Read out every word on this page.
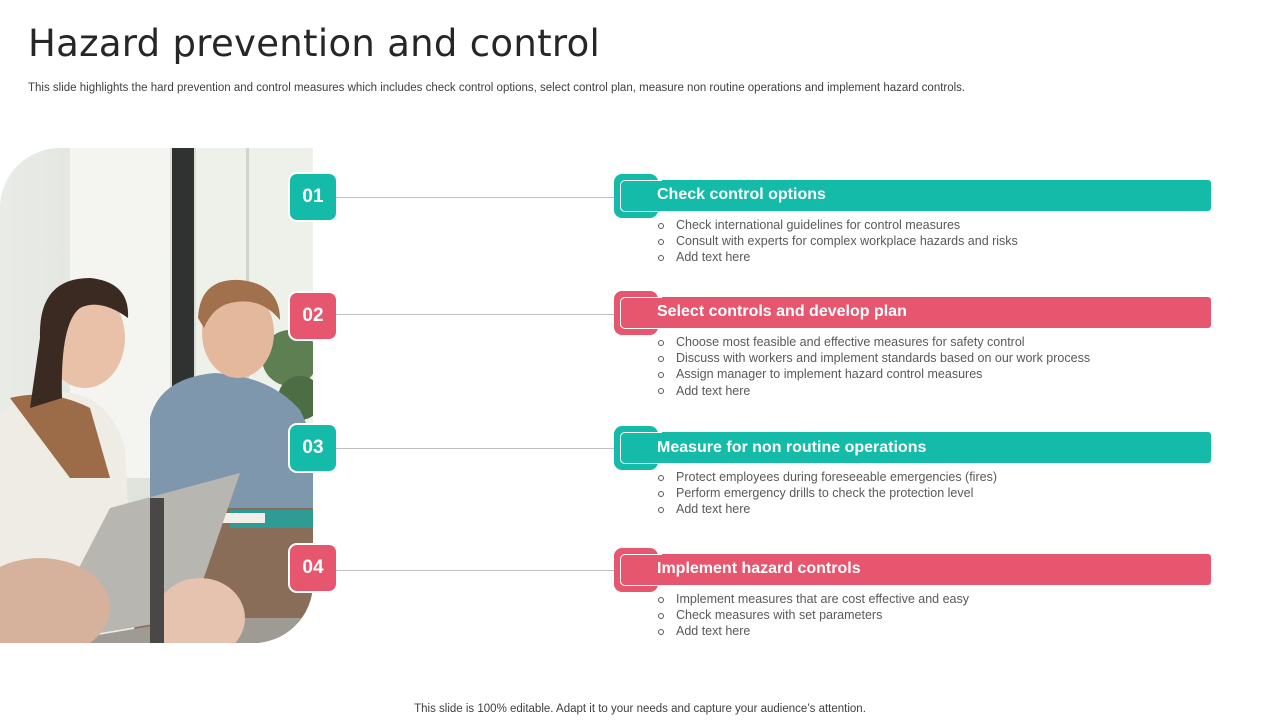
Hazard prevention and control

This slide highlights the hard prevention and control measures which includes check control options, select control plan, measure non routine operations and implement hazard controls.

01	Check control options
Check international guidelines for control measures
Consult with experts for complex workplace hazards and risks
Add text here
02	Select controls and develop plan
Choose most feasible and effective measures for safety control
Discuss with workers and implement standards based on our work process
Assign manager to implement hazard control measures
Add text here
03	Measure for non routine operations
Protect employees during foreseeable emergencies (fires)
Perform emergency drills to check the protection level
Add text here
04	Implement hazard controls
Implement measures that are cost effective and easy
Check measures with set parameters
Add text here

This slide is 100% editable. Adapt it to your needs and capture your audience’s attention.
